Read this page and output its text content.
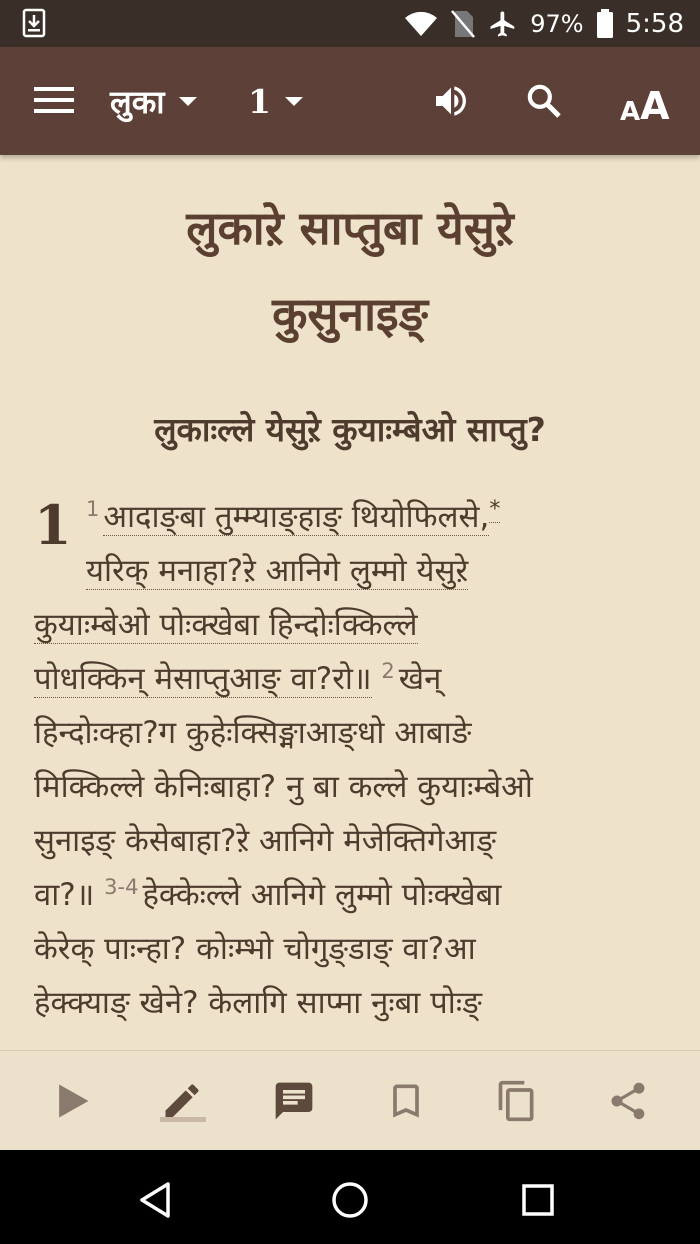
97% 5:58
लुका	1	A A
लुकाऱे साप्तुबा येसुऱे
कुसुनाइङ्
लुकाःल्ले येसुऱे कुयाःम्बेओ साप्तु?
1 $^1$ आदाङ्बा तुम्म्याङ्हाङ् थियोफिलसे,*
यरिक् मनाहा?ऱे आनिगे लुम्मो येसुऱे
कुयाःम्बेओ पोःक्खेबा हिन्दोःक्किल्ले
पोधक्किन् मेसाप्तुआङ् वा?रो॥ $^2$ खेन्
हिन्दोःक्हा?ग कुहेःक्सिङ्माआङ्धो आबाङे
मिक्किल्ले केनिःबाहा? नु बा कल्ले कुयाःम्बेओ
सुनाइङ् केसेबाहा?ऱे आनिगे मेजेक्तिगेआङ्
वा?॥ $^{3-4}$ हेक्केःल्ले आनिगे लुम्मो पोःक्खेबा
केरेक् पाःन्हा? कोःम्भो चोगुङ्डाङ् वा?आ
हेक्क्याङ् खेने? केलागि साप्मा नुःबा पोःङ्
